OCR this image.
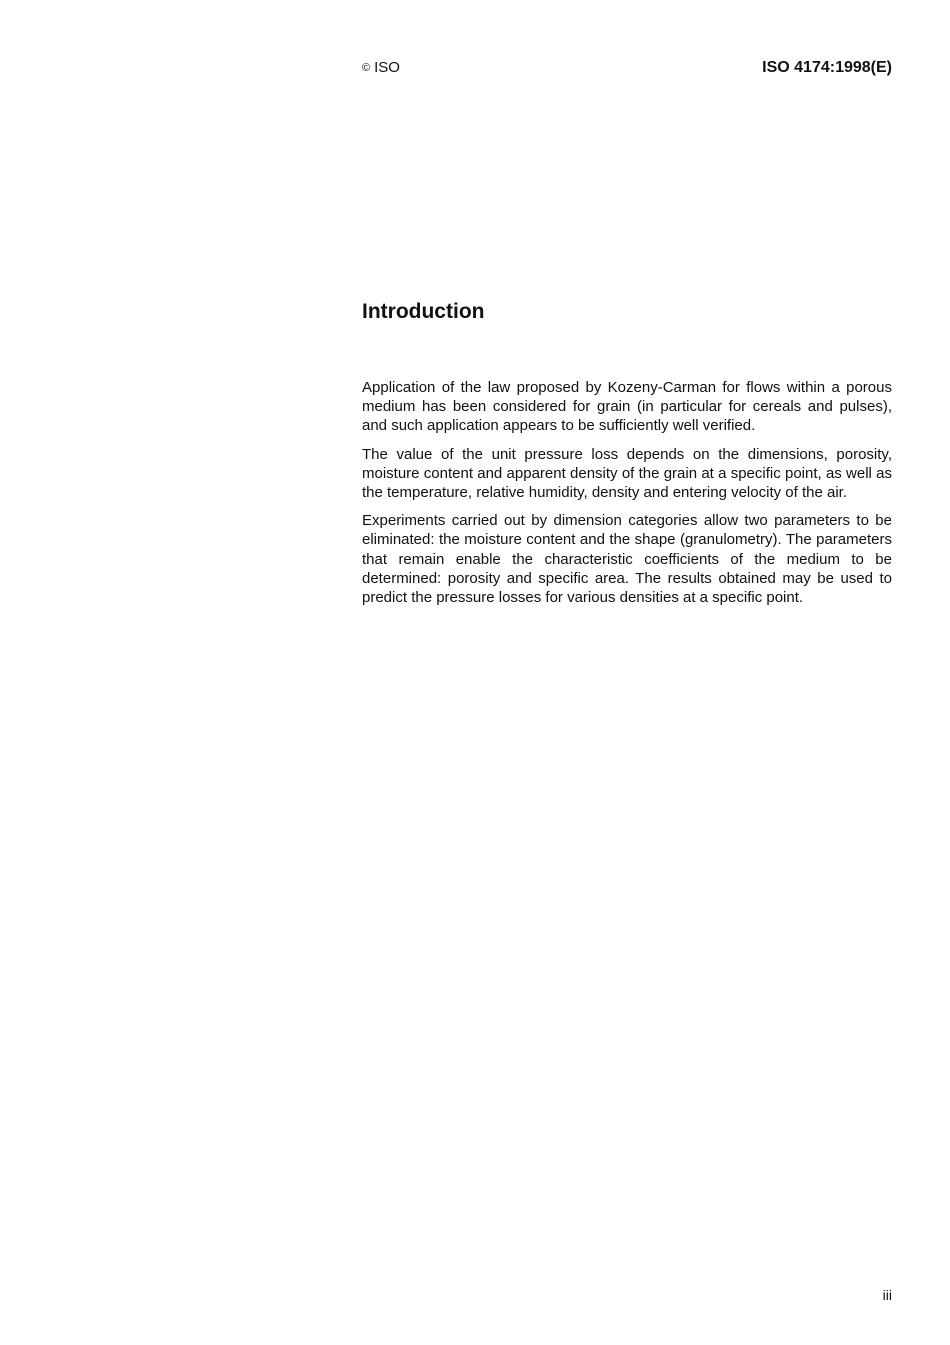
© ISO	ISO 4174:1998(E)
Introduction

Application of the law proposed by Kozeny-Carman for flows within a porous medium has been considered for grain (in particular for cereals and pulses), and such application appears to be sufficiently well verified.

The value of the unit pressure loss depends on the dimensions, porosity, moisture content and apparent density of the grain at a specific point, as well as the temperature, relative humidity, density and entering velocity of the air.

Experiments carried out by dimension categories allow two parameters to be eliminated: the moisture content and the shape (granulometry). The parameters that remain enable the characteristic coefficients of the medium to be determined: porosity and specific area. The results obtained may be used to predict the pressure losses for various densities at a specific point.

iii
